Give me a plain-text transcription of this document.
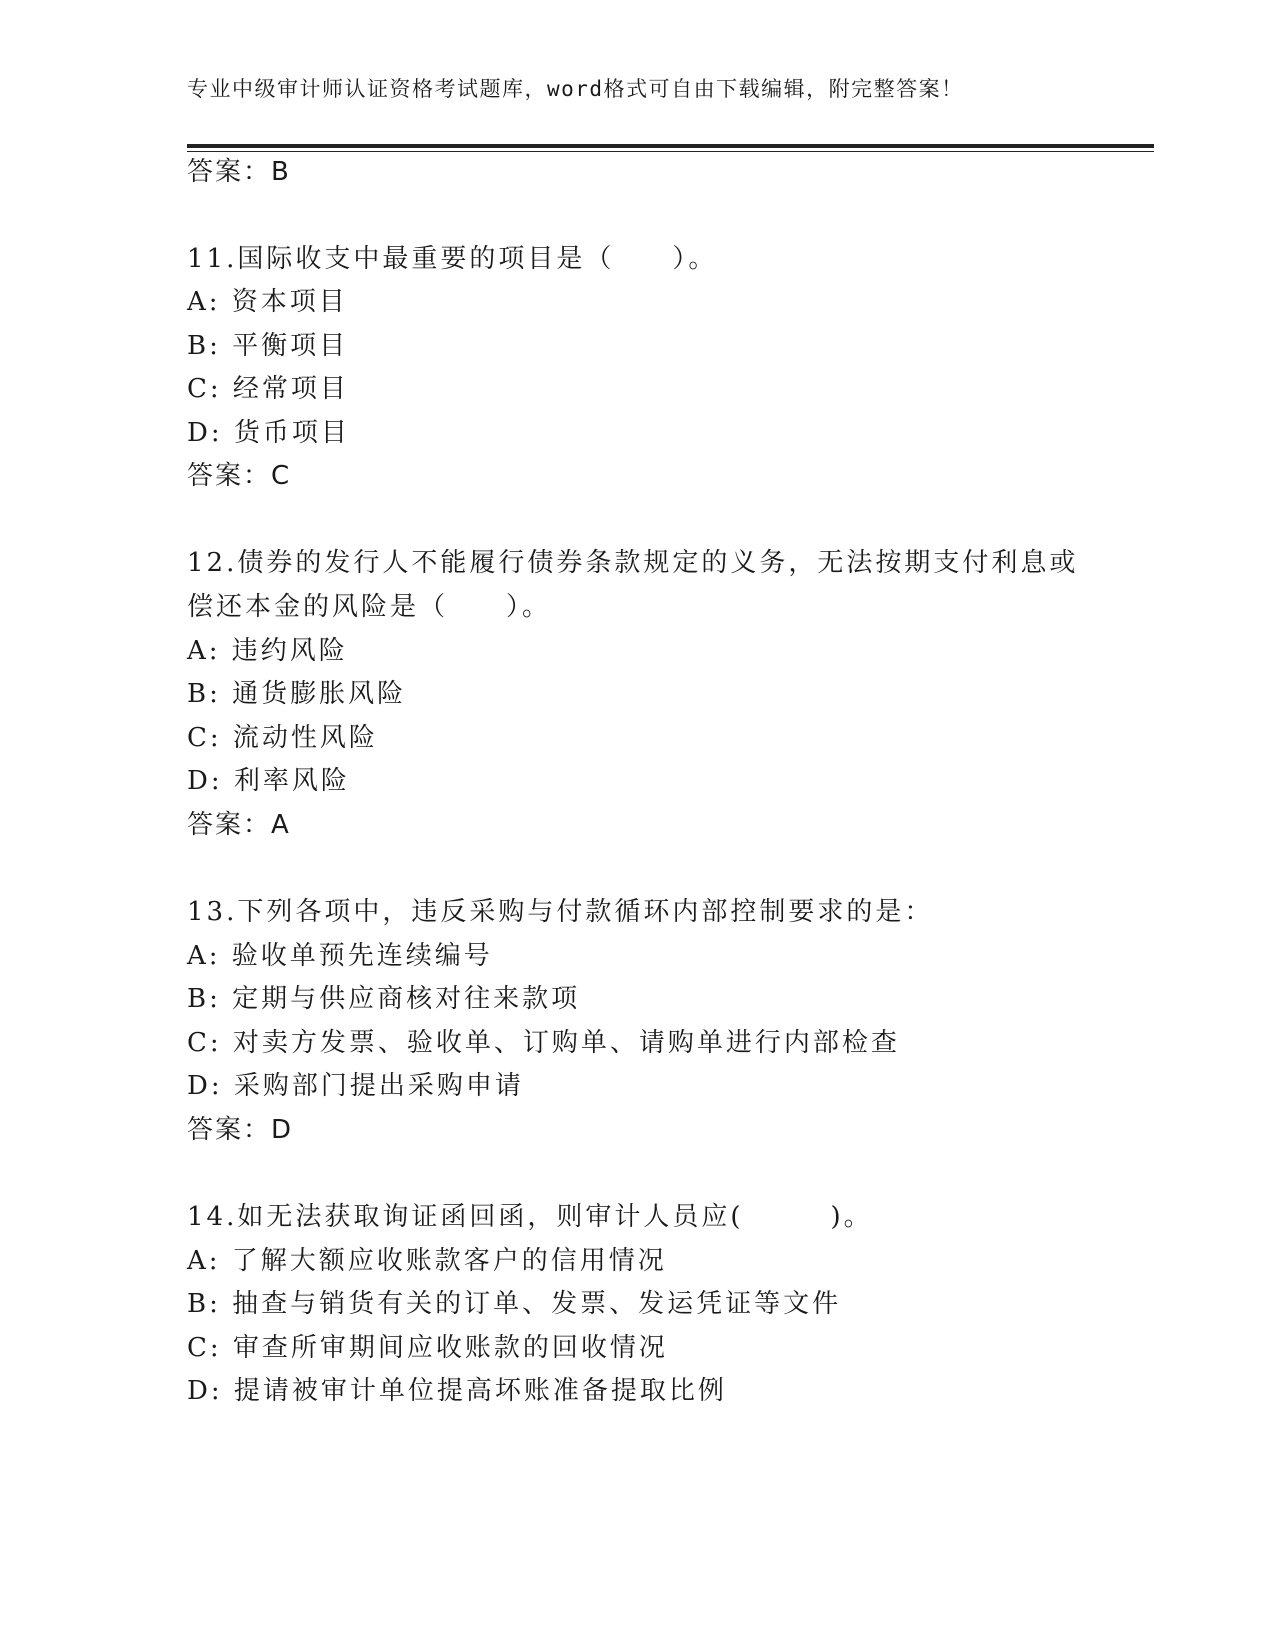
专业中级审计师认证资格考试题库，word格式可自由下载编辑，附完整答案！
答案：B
11.国际收支中最重要的项目是（　　）。
A: 资本项目
B: 平衡项目
C: 经常项目
D: 货币项目
答案：C
12.债券的发行人不能履行债券条款规定的义务，无法按期支付利息或
偿还本金的风险是（　　）。
A: 违约风险
B: 通货膨胀风险
C: 流动性风险
D: 利率风险
答案：A
13.下列各项中，违反采购与付款循环内部控制要求的是：
A: 验收单预先连续编号
B: 定期与供应商核对往来款项
C: 对卖方发票、验收单、订购单、请购单进行内部检查
D: 采购部门提出采购申请
答案：D
14.如无法获取询证函回函，则审计人员应(　　　)。
A: 了解大额应收账款客户的信用情况
B: 抽查与销货有关的订单、发票、发运凭证等文件
C: 审查所审期间应收账款的回收情况
D: 提请被审计单位提高坏账准备提取比例
